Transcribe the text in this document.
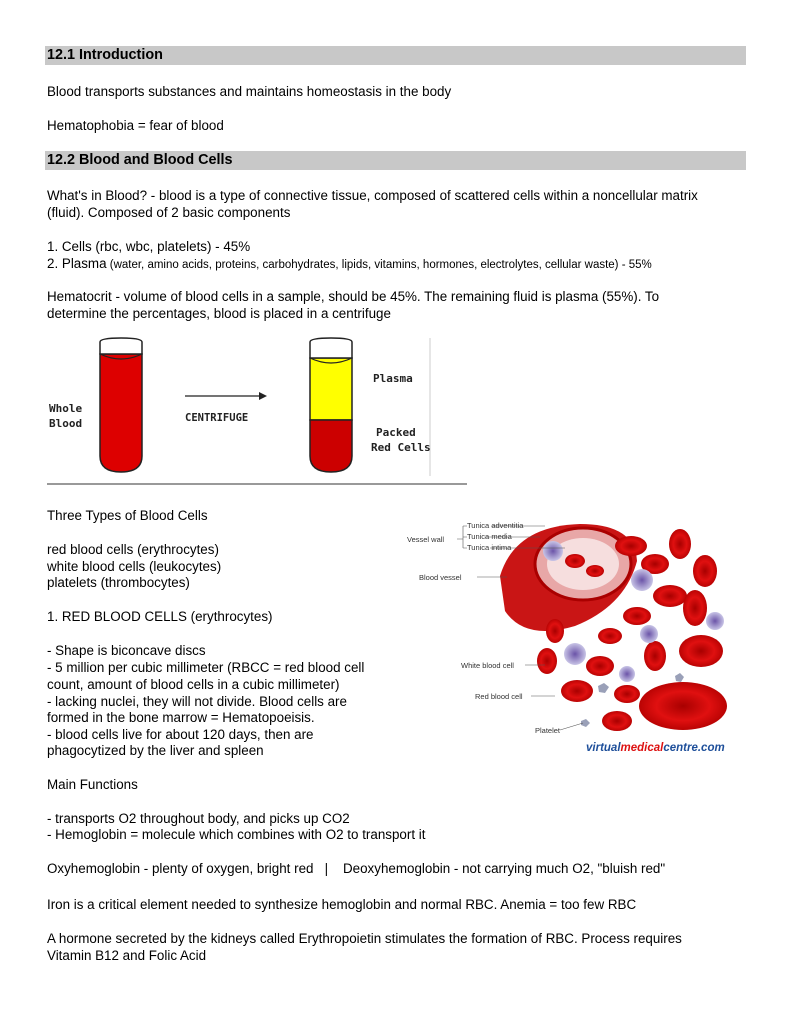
12.1 Introduction

Blood transports substances and maintains homeostasis in the body

Hematophobia = fear of blood

12.2 Blood and Blood Cells

What's in Blood? - blood is a type of connective tissue, composed of scattered cells within a noncellular matrix

(fluid). Composed of 2 basic components

1. Cells (rbc, wbc, platelets) - 45%

2. Plasma (water, amino acids, proteins, carbohydrates, lipids, vitamins, hormones, electrolytes, cellular waste) - 55%

Hematocrit - volume of blood cells in a sample, should be 45%. The remaining fluid is plasma (55%). To

determine the percentages, blood is placed in a centrifuge

Whole
Blood	CENTRIFUGE
Plasma
Packed
Red Cells

Three Types of Blood Cells

red blood cells (erythrocytes)

white blood cells (leukocytes)

platelets (thrombocytes)

1. RED BLOOD CELLS (erythrocytes)

- Shape is biconcave discs

- 5 million per cubic millimeter (RBCC = red blood cell

count, amount of blood cells in a cubic millimeter)

- lacking nuclei, they will not divide. Blood cells are

formed in the bone marrow = Hematopoeisis.

- blood cells live for about 120 days, then are

phagocytized by the liver and spleen

Vessel wall
Tunica adventitia
Tunica media
Tunica intima
Blood vessel
White blood cell
Red blood cell
Platelet
virtualmedicalcentre.com

Main Functions

- transports O2 throughout body, and picks up CO2

- Hemoglobin = molecule which combines with O2 to transport it

Oxyhemoglobin - plenty of oxygen, bright red   |    Deoxyhemoglobin - not carrying much O2, "bluish red"

Iron is a critical element needed to synthesize hemoglobin and normal RBC. Anemia = too few RBC

A hormone secreted by the kidneys called Erythropoietin stimulates the formation of RBC. Process requires

Vitamin B12 and Folic Acid
